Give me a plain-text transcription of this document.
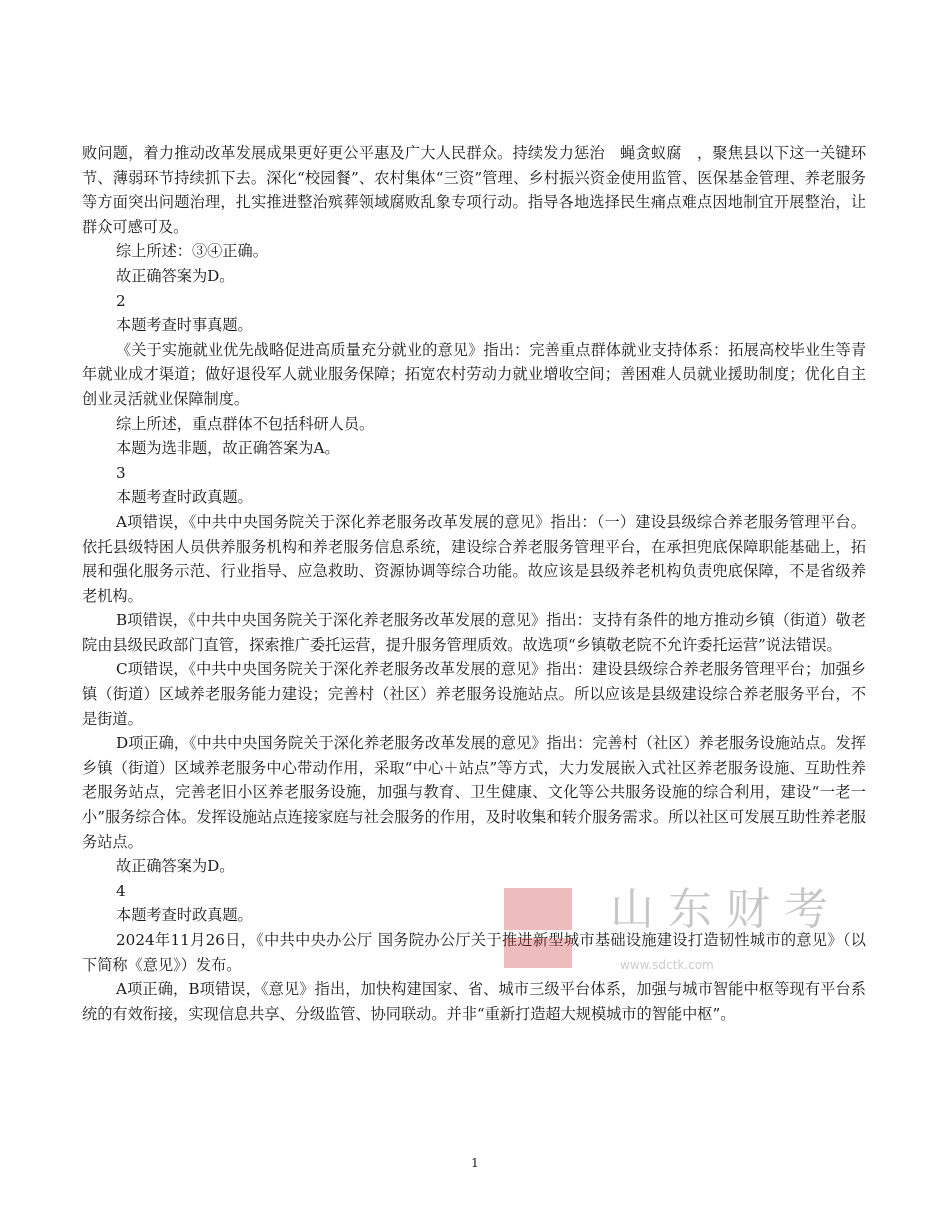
败问题，着力推动改革发展成果更好更公平惠及广大人民群众。持续发力惩治　蝇贪蚁腐　，聚焦县以下这一关键环节、薄弱环节持续抓下去。深化“校园餐”、农村集体“三资”管理、乡村振兴资金使用监管、医保基金管理、养老服务等方面突出问题治理，扎实推进整治殡葬领域腐败乱象专项行动。指导各地选择民生痛点难点因地制宜开展整治，让群众可感可及。

综上所述：③④正确。

故正确答案为D。

2

本题考查时事真题。

《关于实施就业优先战略促进高质量充分就业的意见》指出：完善重点群体就业支持体系：拓展高校毕业生等青年就业成才渠道；做好退役军人就业服务保障；拓宽农村劳动力就业增收空间；善困难人员就业援助制度；优化自主创业灵活就业保障制度。

综上所述，重点群体不包括科研人员。

本题为选非题，故正确答案为A。

3

本题考查时政真题。

A项错误，《中共中央国务院关于深化养老服务改革发展的意见》指出：（一）建设县级综合养老服务管理平台。依托县级特困人员供养服务机构和养老服务信息系统，建设综合养老服务管理平台，在承担兜底保障职能基础上，拓展和强化服务示范、行业指导、应急救助、资源协调等综合功能。故应该是县级养老机构负责兜底保障，不是省级养老机构。

B项错误，《中共中央国务院关于深化养老服务改革发展的意见》指出：支持有条件的地方推动乡镇（街道）敬老院由县级民政部门直管，探索推广委托运营，提升服务管理质效。故选项“乡镇敬老院不允许委托运营”说法错误。

C项错误，《中共中央国务院关于深化养老服务改革发展的意见》指出：建设县级综合养老服务管理平台；加强乡镇（街道）区域养老服务能力建设；完善村（社区）养老服务设施站点。所以应该是县级建设综合养老服务平台，不是街道。

D项正确，《中共中央国务院关于深化养老服务改革发展的意见》指出：完善村（社区）养老服务设施站点。发挥乡镇（街道）区域养老服务中心带动作用，采取“中心＋站点”等方式，大力发展嵌入式社区养老服务设施、互助性养老服务站点，完善老旧小区养老服务设施，加强与教育、卫生健康、文化等公共服务设施的综合利用，建设“一老一小”服务综合体。发挥设施站点连接家庭与社会服务的作用，及时收集和转介服务需求。所以社区可发展互助性养老服务站点。

故正确答案为D。

4

本题考查时政真题。

2024年11月26日，《中共中央办公厅 国务院办公厅关于推进新型城市基础设施建设打造韧性城市的意见》（以下简称《意见》）发布。

A项正确，B项错误，《意见》指出，加快构建国家、省、城市三级平台体系，加强与城市智能中枢等现有平台系统的有效衔接，实现信息共享、分级监管、协同联动。并非“重新打造超大规模城市的智能中枢”。

山东财考
www.sdctk.com
1
